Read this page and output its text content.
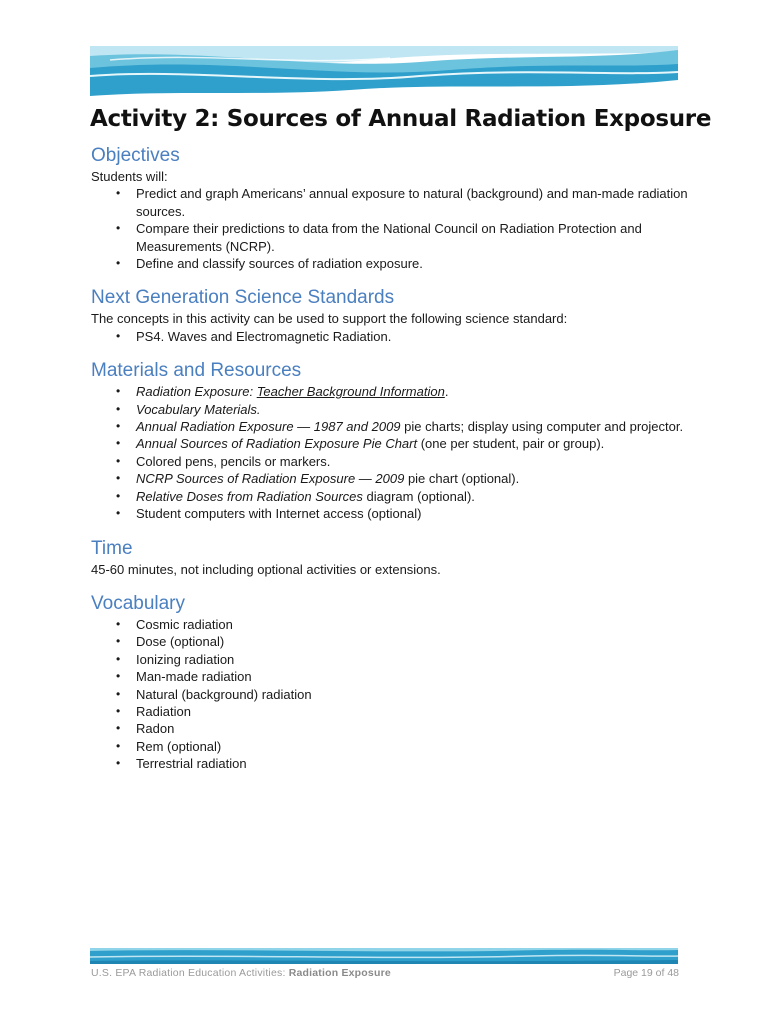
Activity 2: Sources of Annual Radiation Exposure
Objectives

Students will:

• Predict and graph Americans’ annual exposure to natural (background) and man-made radiation sources.
• Compare their predictions to data from the National Council on Radiation Protection and Measurements (NCRP).
• Define and classify sources of radiation exposure.
Next Generation Science Standards

The concepts in this activity can be used to support the following science standard:

• PS4. Waves and Electromagnetic Radiation.
Materials and Resources
• Radiation Exposure: Teacher Background Information.
• Vocabulary Materials.
• Annual Radiation Exposure — 1987 and 2009 pie charts; display using computer and projector.
• Annual Sources of Radiation Exposure Pie Chart (one per student, pair or group).
• Colored pens, pencils or markers.
• NCRP Sources of Radiation Exposure — 2009 pie chart (optional).
• Relative Doses from Radiation Sources diagram (optional).
• Student computers with Internet access (optional)
Time

45-60 minutes, not including optional activities or extensions.

Vocabulary
• Cosmic radiation
• Dose (optional)
• Ionizing radiation
• Man-made radiation
• Natural (background) radiation
• Radiation
• Radon
• Rem (optional)
• Terrestrial radiation
U.S. EPA Radiation Education Activities: Radiation Exposure	Page 19 of 48
